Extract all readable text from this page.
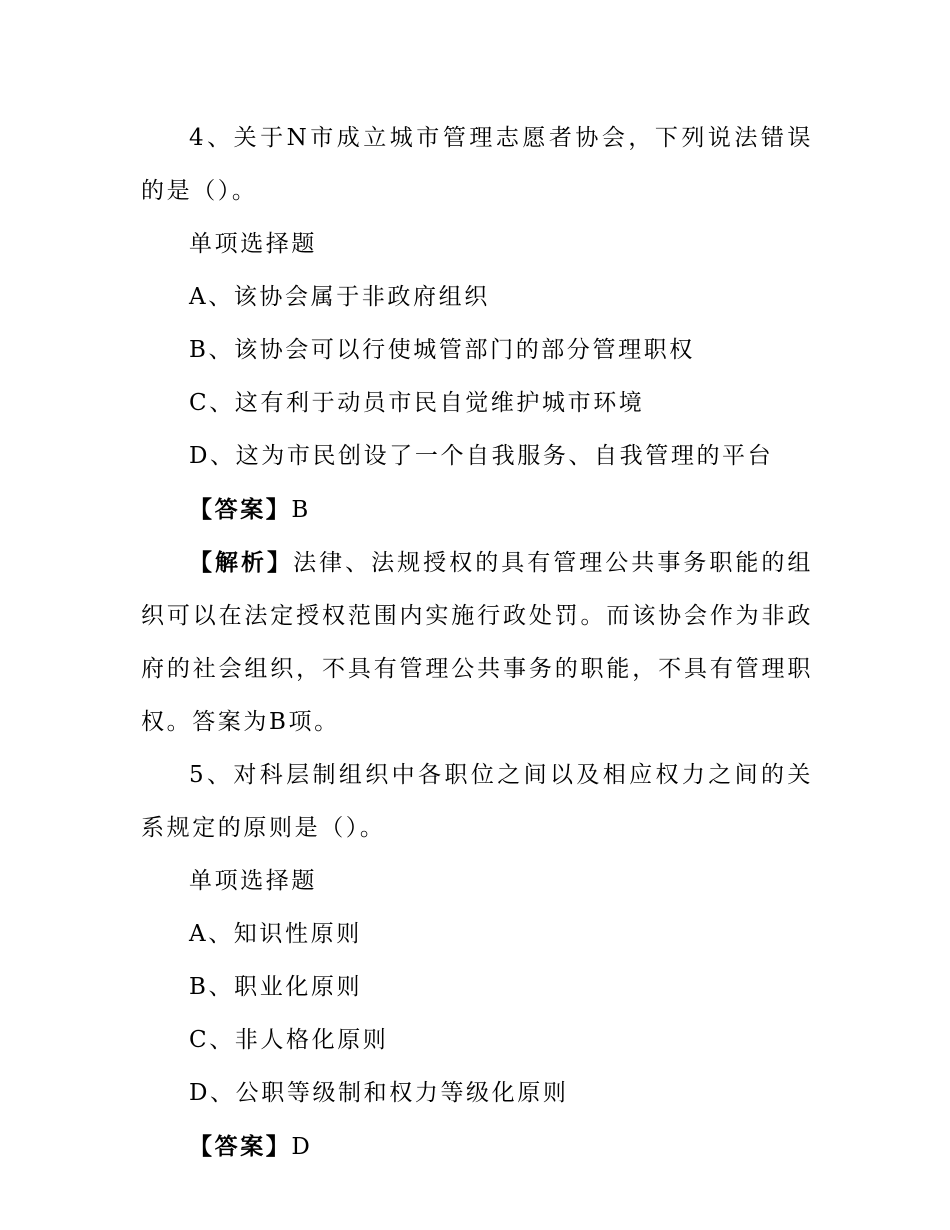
4、关于N市成立城市管理志愿者协会，下列说法错误的是（）。

单项选择题
A、该协会属于非政府组织
B、该协会可以行使城管部门的部分管理职权
C、这有利于动员市民自觉维护城市环境
D、这为市民创设了一个自我服务、自我管理的平台
【答案】B

【解析】法律、法规授权的具有管理公共事务职能的组织可以在法定授权范围内实施行政处罚。而该协会作为非政府的社会组织，不具有管理公共事务的职能，不具有管理职权。答案为B项。

5、对科层制组织中各职位之间以及相应权力之间的关系规定的原则是（）。

单项选择题
A、知识性原则
B、职业化原则
C、非人格化原则
D、公职等级制和权力等级化原则
【答案】D
